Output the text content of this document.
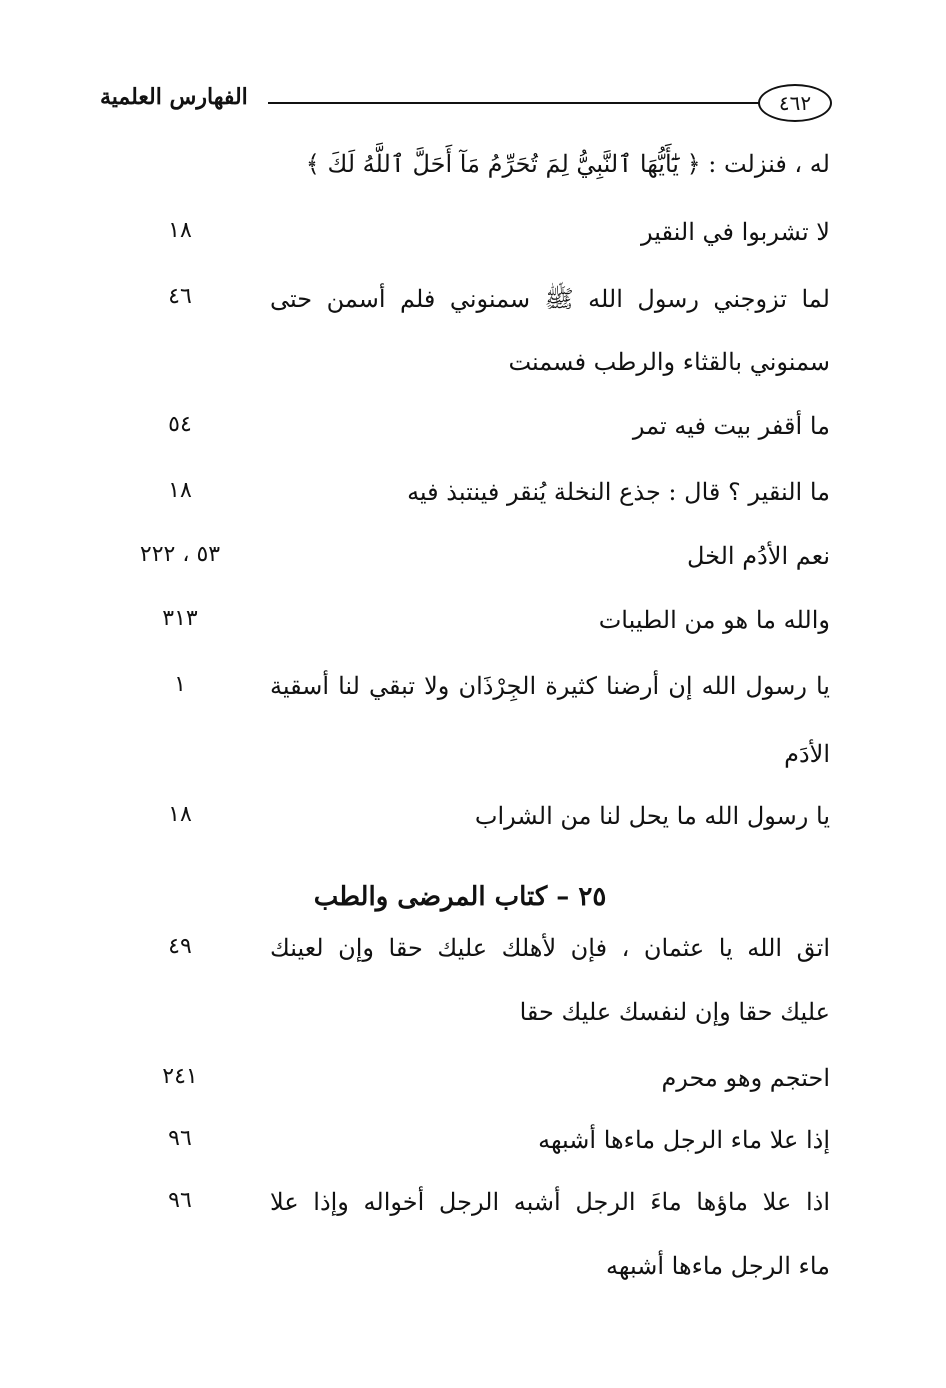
الفهارس العلمية	٤٦٢
له ، فنزلت : ﴿ يَٰٓأَيُّهَا ٱلنَّبِيُّ لِمَ تُحَرِّمُ مَآ أَحَلَّ ٱللَّهُ لَكَ ﴾
لا تشربوا في النقير
١٨
لما تزوجني رسول الله ﷺ سمنوني فلم أسمن حتى
سمنوني بالقثاء والرطب فسمنت
٤٦
ما أقفر بيت فيه تمر
٥٤
ما النقير ؟ قال : جذع النخلة يُنقر فينتبذ فيه
١٨
نعم الأدُم الخل
٥٣ ، ٢٢٢
والله ما هو من الطيبات
٣١٣
يا رسول الله إن أرضنا كثيرة الجِرْذَان ولا تبقي لنا أسقية
الأدَم
١
يا رسول الله ما يحل لنا من الشراب
١٨
٢٥ – كتاب المرضى والطب
اتق الله يا عثمان ، فإن لأهلك عليك حقا وإن لعينك
عليك حقا وإن لنفسك عليك حقا
٤٩
احتجم وهو محرم
٢٤١
إذا علا ماء الرجل ماءها أشبهه
٩٦
اذا علا ماؤها ماءَ الرجل أشبه الرجل أخواله وإذا علا
ماء الرجل ماءها أشبهه
٩٦
